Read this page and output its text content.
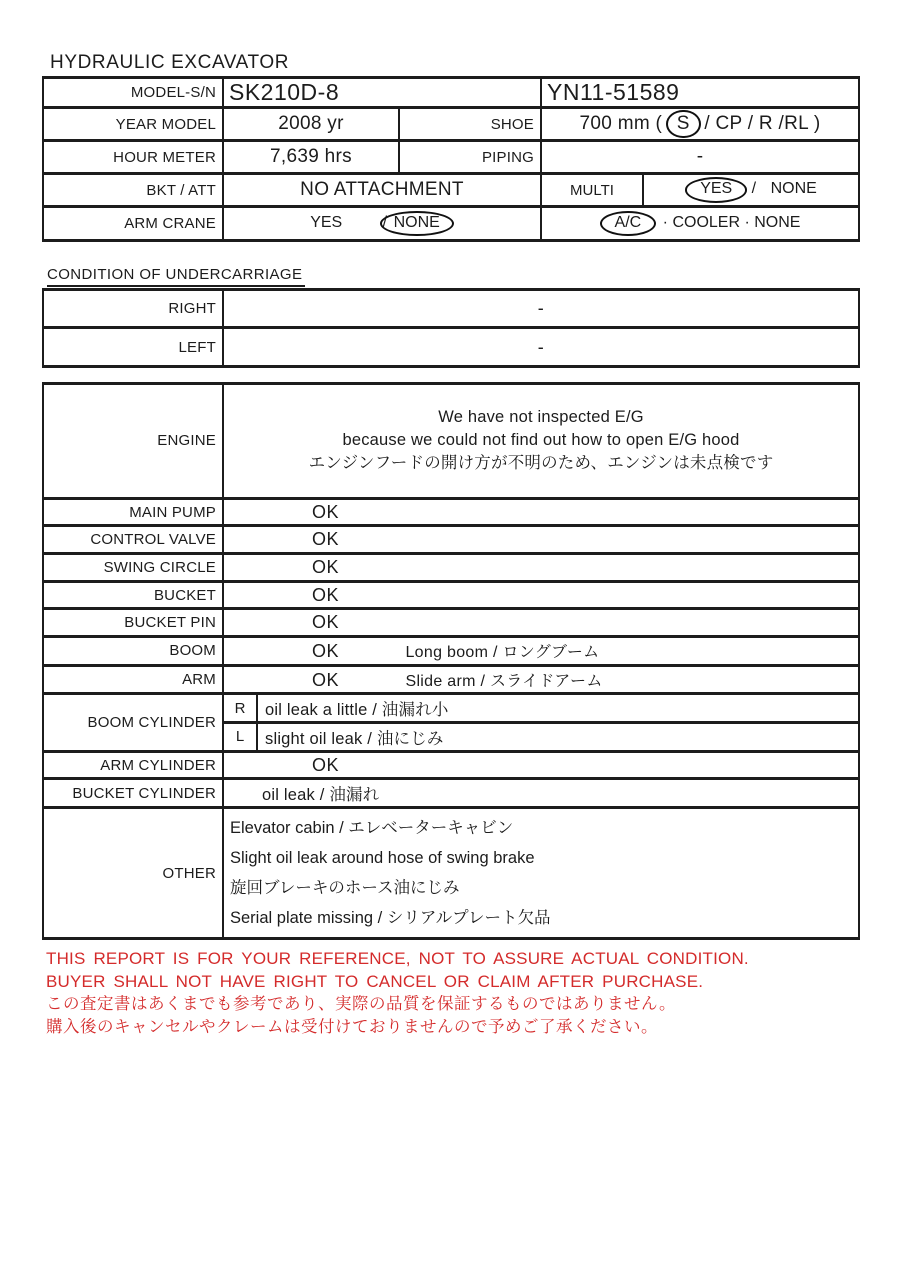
HYDRAULIC EXCAVATOR
MODEL-S/N	SK210D-8		YN11-51589	
YEAR MODEL	2008 yr	SHOE	700 mm ( S / CP / R /RL )	
HOUR METER	7,639 hrs	PIPING	-	
BKT / ATT	NO ATTACHMENT		MULTI	YES / NONE
ARM CRANE	YES / NONE		A/C · COOLER · NONE	
CONDITION OF UNDERCARRIAGE
RIGHT	-
LEFT	-
ENGINE	We have not inspected E/G
because we could not find out how to open E/G hood
エンジンフードの開け方が不明のため、エンジンは未点検です	

MAIN PUMP	OK	
CONTROL VALVE	OK	
SWING CIRCLE	OK	
BUCKET	OK	
BUCKET PIN	OK	
BOOM	OK Long boom / ロングブーム	
ARM	OK Slide arm / スライドアーム	
BOOM CYLINDER	R	oil leak a little / 油漏れ小
	L	slight oil leak / 油にじみ
ARM CYLINDER	OK	
BUCKET CYLINDER	oil leak / 油漏れ	
OTHER	Elevator cabin / エレベーターキャビン
Slight oil leak around hose of swing brake
旋回ブレーキのホース油にじみ
Serial plate missing / シリアルプレート欠品	
THIS REPORT IS FOR YOUR REFERENCE, NOT TO ASSURE ACTUAL CONDITION.
BUYER SHALL NOT HAVE RIGHT TO CANCEL OR CLAIM AFTER PURCHASE.
この査定書はあくまでも参考であり、実際の品質を保証するものではありません。
購入後のキャンセルやクレームは受付けておりませんので予めご了承ください。
